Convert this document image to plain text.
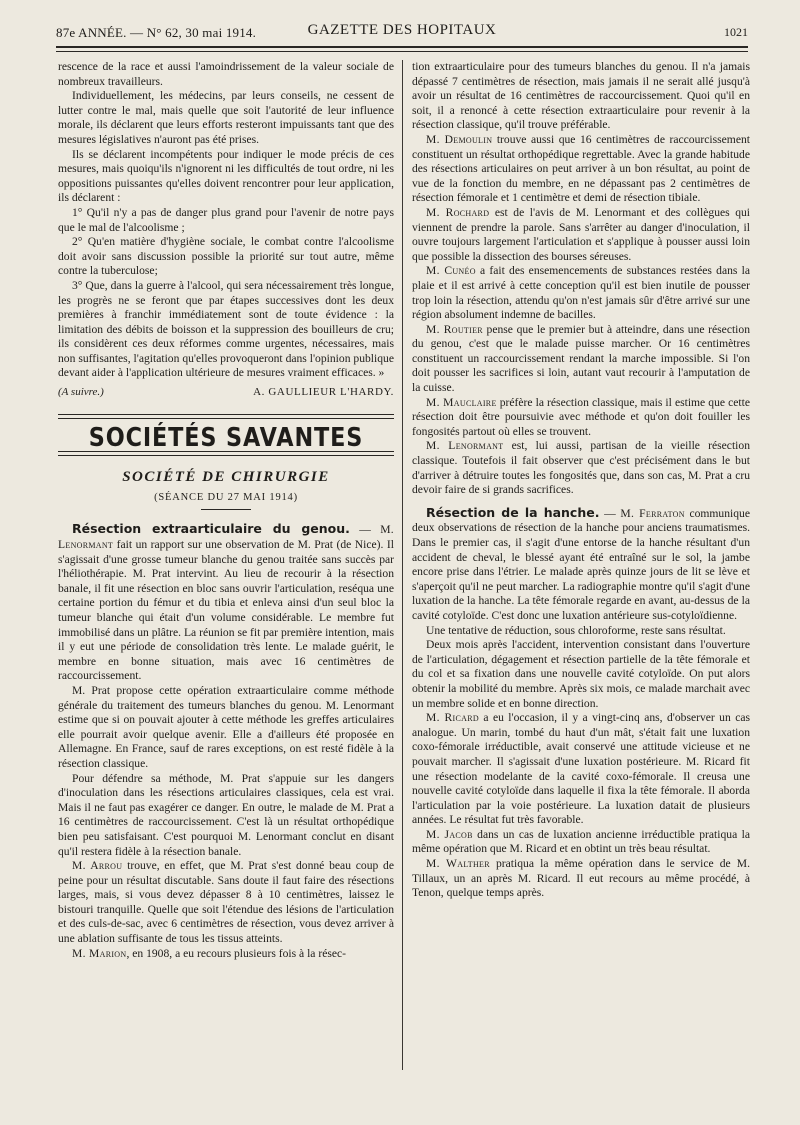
87e ANNÉE. — N° 62, 30 mai 1914.	GAZETTE DES HOPITAUX	1021

rescence de la race et aussi l'amoindrissement de la valeur sociale de nombreux travailleurs.

Individuellement, les médecins, par leurs conseils, ne cessent de lutter contre le mal, mais quelle que soit l'autorité de leur influence morale, ils déclarent que leurs efforts resteront impuissants tant que des mesures législatives n'auront pas été prises.

Ils se déclarent incompétents pour indiquer le mode précis de ces mesures, mais quoiqu'ils n'ignorent ni les difficultés de tout ordre, ni les oppositions puissantes qu'elles doivent rencontrer pour leur application, ils déclarent :

1° Qu'il n'y a pas de danger plus grand pour l'avenir de notre pays que le mal de l'alcoolisme ;

2° Qu'en matière d'hygiène sociale, le combat contre l'alcoolisme doit avoir sans discussion possible la priorité sur tout autre, même contre la tuberculose;

3° Que, dans la guerre à l'alcool, qui sera nécessairement très longue, les progrès ne se feront que par étapes successives dont les deux premières à franchir immédiatement sont de toute évidence : la limitation des débits de boisson et la suppression des bouilleurs de cru; ils considèrent ces deux réformes comme urgentes, nécessaires, mais non suffisantes, l'agitation qu'elles provoqueront dans l'opinion publique devant aider à l'application ultérieure de mesures vraiment efficaces. »

(A suivre.)	A. GAULLIEUR L'HARDY.
SOCIÉTÉS SAVANTES
SOCIÉTÉ DE CHIRURGIE
(SÉANCE DU 27 MAI 1914)

Résection extraarticulaire du genou. — M. Lenormant fait un rapport sur une observation de M. Prat (de Nice). Il s'agissait d'une grosse tumeur blanche du genou traitée sans succès par l'héliothérapie. M. Prat intervint. Au lieu de recourir à la résection banale, il fit une résection en bloc sans ouvrir l'articulation, reséqua une certaine portion du fémur et du tibia et enleva ainsi d'un seul bloc la tumeur blanche qui était d'un volume considérable. Le membre fut immobilisé dans un plâtre. La réunion se fit par première intention, mais il y eut une période de consolidation très lente. Le malade guérit, le membre en bonne situation, mais avec 16 centimètres de raccourcissement.

M. Prat propose cette opération extraarticulaire comme méthode générale du traitement des tumeurs blanches du genou. M. Lenormant estime que si on pouvait ajouter à cette méthode les greffes articulaires elle pourrait avoir quelque avenir. Elle a d'ailleurs été proposée en Allemagne. En France, sauf de rares exceptions, on est resté fidèle à la résection classique.

Pour défendre sa méthode, M. Prat s'appuie sur les dangers d'inoculation dans les résections articulaires classiques, cela est vrai. Mais il ne faut pas exagérer ce danger. En outre, le malade de M. Prat a 16 centimètres de raccourcissement. C'est là un résultat orthopédique bien peu satisfaisant. C'est pourquoi M. Lenormant conclut en disant qu'il restera fidèle à la résection banale.

M. Arrou trouve, en effet, que M. Prat s'est donné beau coup de peine pour un résultat discutable. Sans doute il faut faire des résections larges, mais, si vous devez dépasser 8 à 10 centimètres, laissez le bistouri tranquille. Quelle que soit l'étendue des lésions de l'articulation et des culs-de-sac, avec 6 centimètres de résection, vous devez arriver à une ablation suffisante de tous les tissus atteints.

M. Marion, en 1908, a eu recours plusieurs fois à la résec-

tion extraarticulaire pour des tumeurs blanches du genou. Il n'a jamais dépassé 7 centimètres de résection, mais jamais il ne serait allé jusqu'à avoir un résultat de 16 centimètres de raccourcissement. Quoi qu'il en soit, il a renoncé à cette résection extraarticulaire pour revenir à la résection classique, qu'il trouve préférable.

M. Demoulin trouve aussi que 16 centimètres de raccourcissement constituent un résultat orthopédique regrettable. Avec la grande habitude des résections articulaires on peut arriver à un bon résultat, au point de vue de la fonction du membre, en ne dépassant pas 2 centimètres de résection fémorale et 1 centimètre et demi de résection tibiale.

M. Rochard est de l'avis de M. Lenormant et des collègues qui viennent de prendre la parole. Sans s'arrêter au danger d'inoculation, il ouvre toujours largement l'articulation et s'applique à pousser aussi loin que possible la dissection des bourses séreuses.

M. Cunéo a fait des ensemencements de substances restées dans la plaie et il est arrivé à cette conception qu'il est bien inutile de pousser trop loin la résection, attendu qu'on n'est jamais sûr d'être arrivé sur une région absolument indemne de bacilles.

M. Routier pense que le premier but à atteindre, dans une résection du genou, c'est que le malade puisse marcher. Or 16 centimètres constituent un raccourcissement rendant la marche impossible. Si l'on doit pousser les sacrifices si loin, autant vaut recourir à l'amputation de la cuisse.

M. Mauclaire préfère la résection classique, mais il estime que cette résection doit être poursuivie avec méthode et qu'on doit fouiller les fongosités partout où elles se trouvent.

M. Lenormant est, lui aussi, partisan de la vieille résection classique. Toutefois il fait observer que c'est précisément dans le but d'arriver à détruire toutes les fongosités que, dans son cas, M. Prat a cru devoir faire de si grands sacrifices.

Résection de la hanche. — M. Ferraton communique deux observations de résection de la hanche pour anciens traumatismes. Dans le premier cas, il s'agit d'une entorse de la hanche résultant d'un accident de cheval, le blessé ayant été entraîné sur le sol, la jambe encore prise dans l'étrier. Le malade après quinze jours de lit se lève et s'aperçoit qu'il ne peut marcher. La radiographie montre qu'il s'agit d'une luxation de la hanche. La tête fémorale regarde en avant, au-dessus de la cavité cotyloïde. C'est donc une luxation antérieure sus-cotyloïdienne.

Une tentative de réduction, sous chloroforme, reste sans résultat.

Deux mois après l'accident, intervention consistant dans l'ouverture de l'articulation, dégagement et résection partielle de la tête fémorale et du col et sa fixation dans une nouvelle cavité cotyloïde. On put alors obtenir la mobilité du membre. Après six mois, ce malade marchait avec un membre solide et en bonne direction.

M. Ricard a eu l'occasion, il y a vingt-cinq ans, d'observer un cas analogue. Un marin, tombé du haut d'un mât, s'était fait une luxation coxo-fémorale irréductible, avait conservé une attitude vicieuse et ne pouvait marcher. Il s'agissait d'une luxation postérieure. M. Ricard fit une résection modelante de la cavité coxo-fémorale. Il creusa une nouvelle cavité cotyloïde dans laquelle il fixa la tête fémorale. Il aborda l'articulation par la voie postérieure. La luxation datait de plusieurs années. Le résultat fut très favorable.

M. Jacob dans un cas de luxation ancienne irréductible pratiqua la même opération que M. Ricard et en obtint un très beau résultat.

M. Walther pratiqua la même opération dans le service de M. Tillaux, un an après M. Ricard. Il eut recours au même procédé, à Tenon, quelque temps après.
